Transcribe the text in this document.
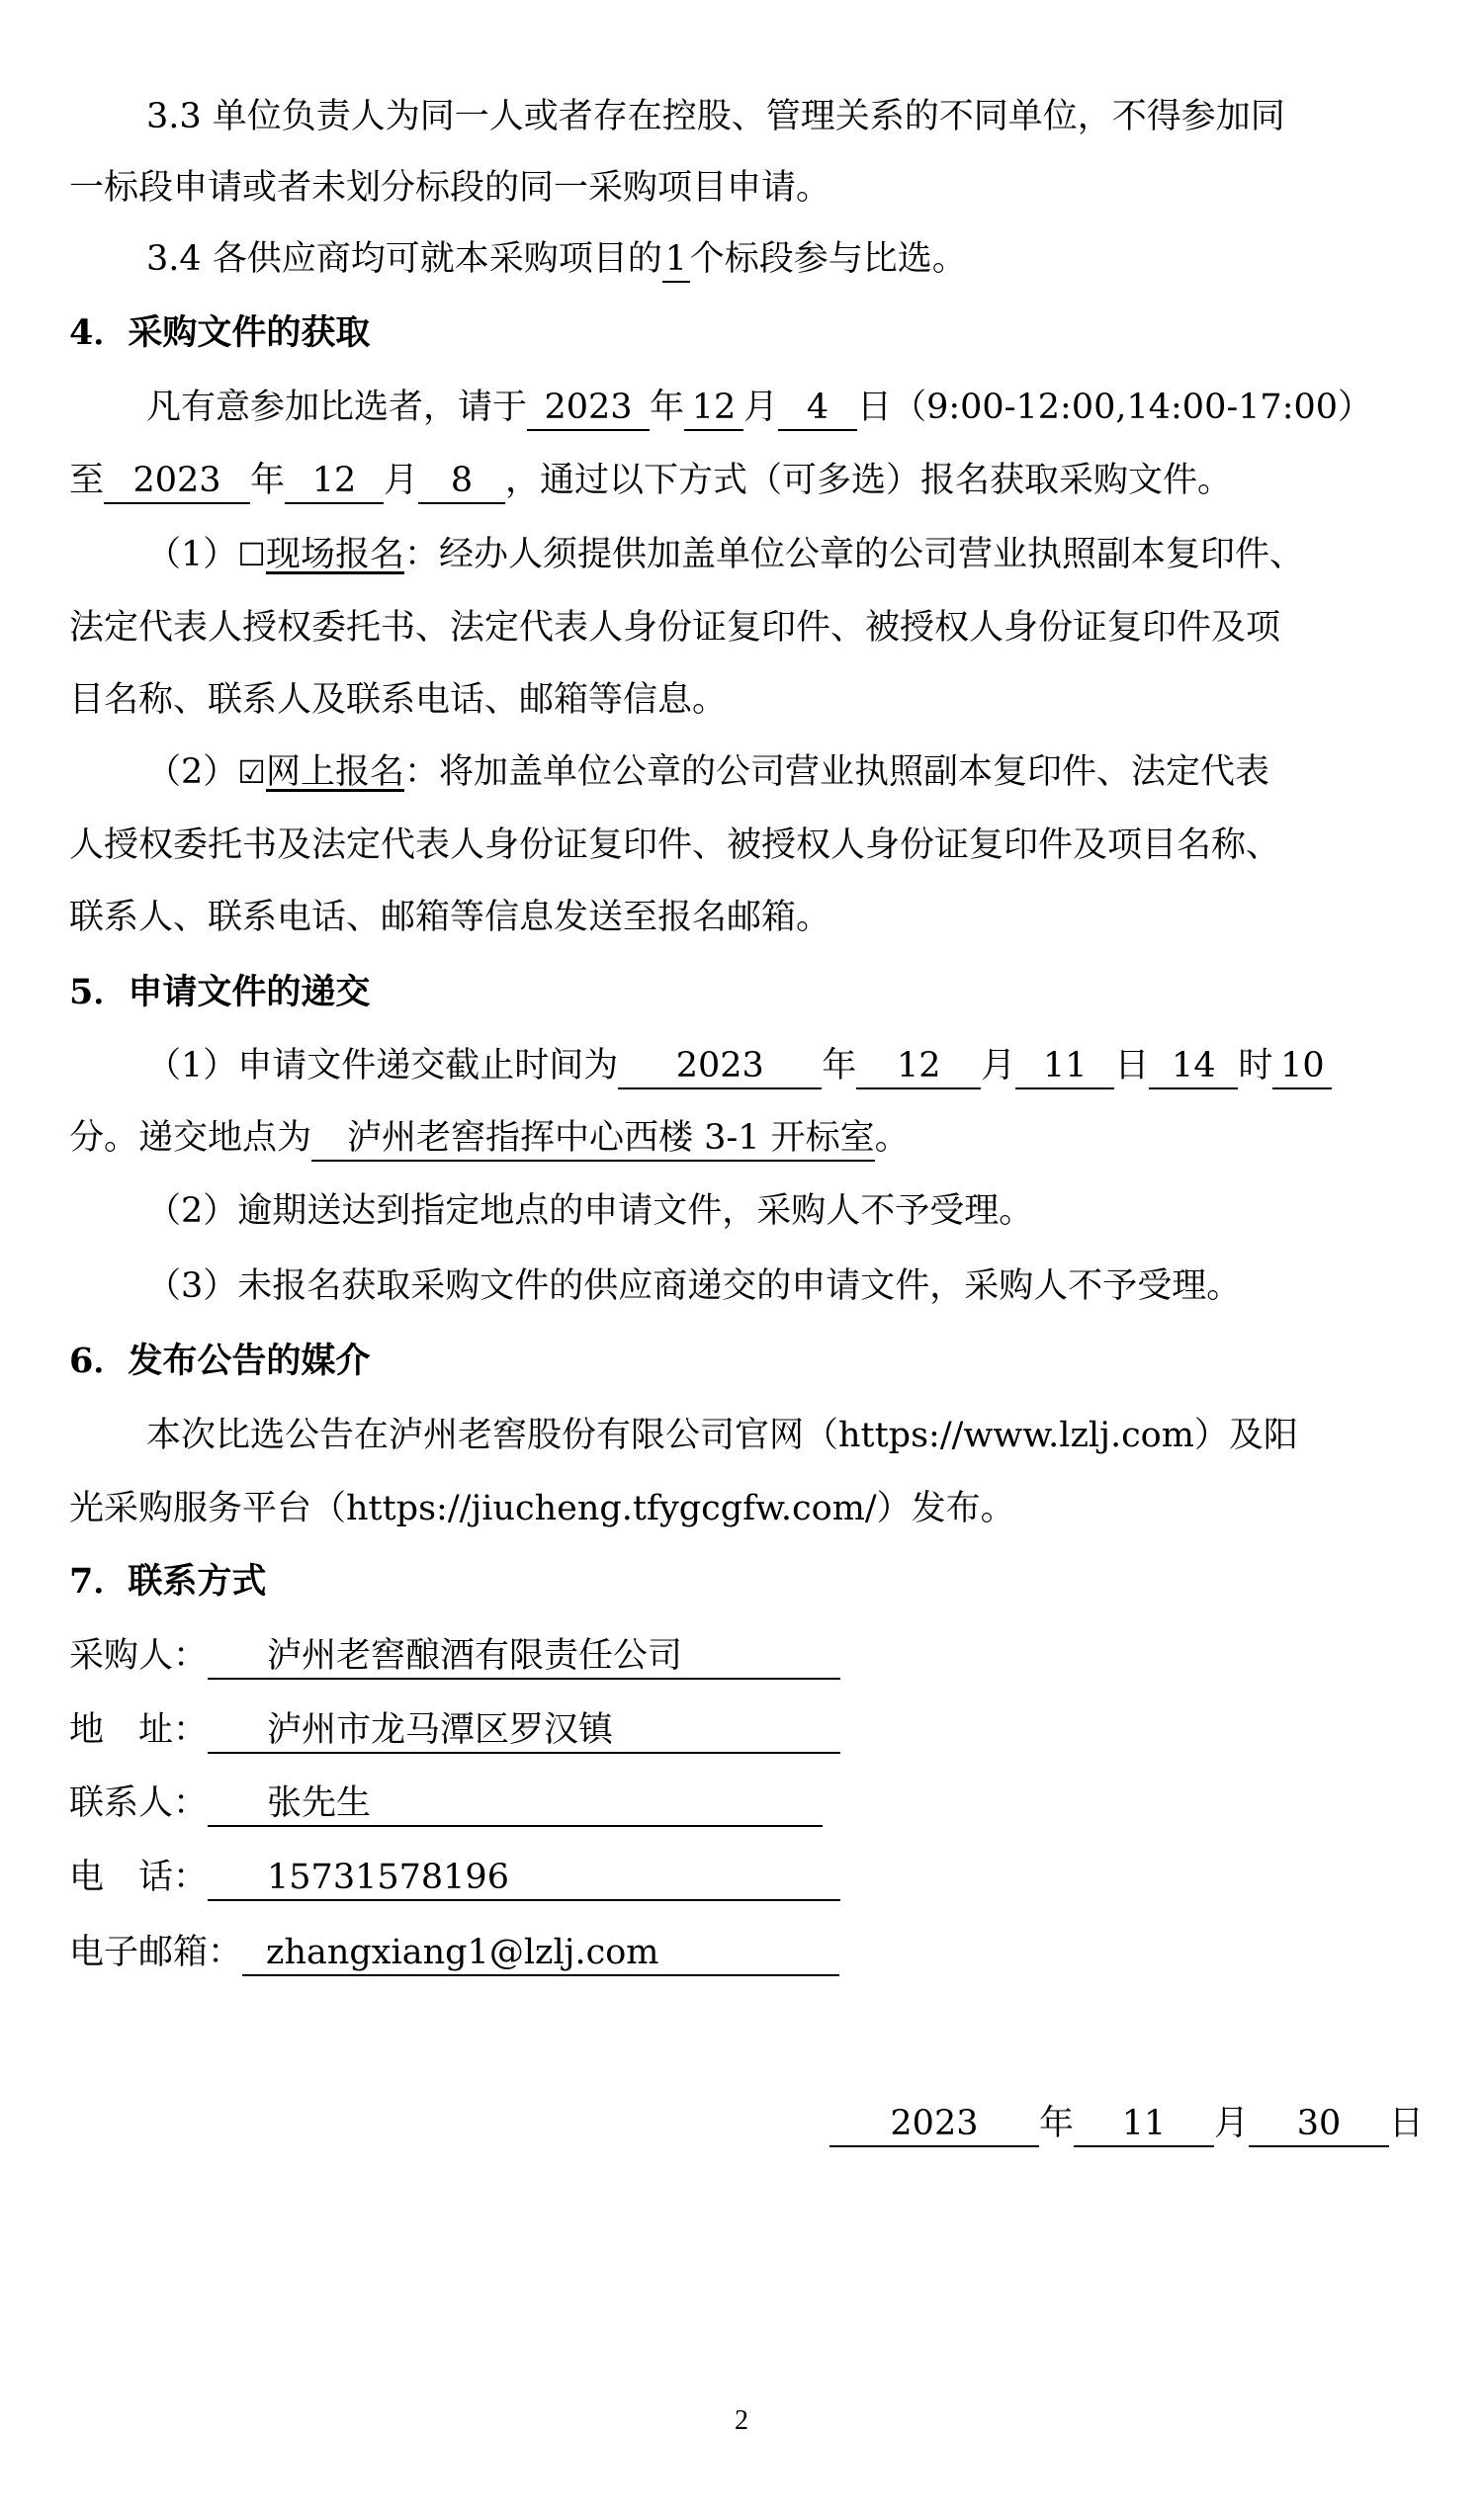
3.3 单位负责人为同一人或者存在控股、管理关系的不同单位，不得参加同
一标段申请或者未划分标段的同一采购项目申请。
3.4 各供应商均可就本采购项目的1个标段参与比选。
4．采购文件的获取
凡有意参加比选者，请于 2023 年 12 月 4 日（9:00-12:00,14:00-17:00）
至 2023 年 12 月 8 ，通过以下方式（可多选）报名获取采购文件。
（1）☐现场报名：经办人须提供加盖单位公章的公司营业执照副本复印件、
法定代表人授权委托书、法定代表人身份证复印件、被授权人身份证复印件及项
目名称、联系人及联系电话、邮箱等信息。
（2）☑网上报名：将加盖单位公章的公司营业执照副本复印件、法定代表
人授权委托书及法定代表人身份证复印件、被授权人身份证复印件及项目名称、
联系人、联系电话、邮箱等信息发送至报名邮箱。
5．申请文件的递交
（1）申请文件递交截止时间为 2023 年 12 月 11 日 14 时 10
分。递交地点为 泸州老窖指挥中心西楼 3-1 开标室。
（2）逾期送达到指定地点的申请文件，采购人不予受理。
（3）未报名获取采购文件的供应商递交的申请文件，采购人不予受理。
6．发布公告的媒介
本次比选公告在泸州老窖股份有限公司官网（https://www.lzlj.com）及阳
光采购服务平台（https://jiucheng.tfygcgfw.com/）发布。
7．联系方式
采购人： 泸州老窖酿酒有限责任公司
地　址： 泸州市龙马潭区罗汉镇
联系人： 张先生
电　话： 15731578196
电子邮箱： zhangxiang1@lzlj.com
2023 年 11 月 30 日
2
